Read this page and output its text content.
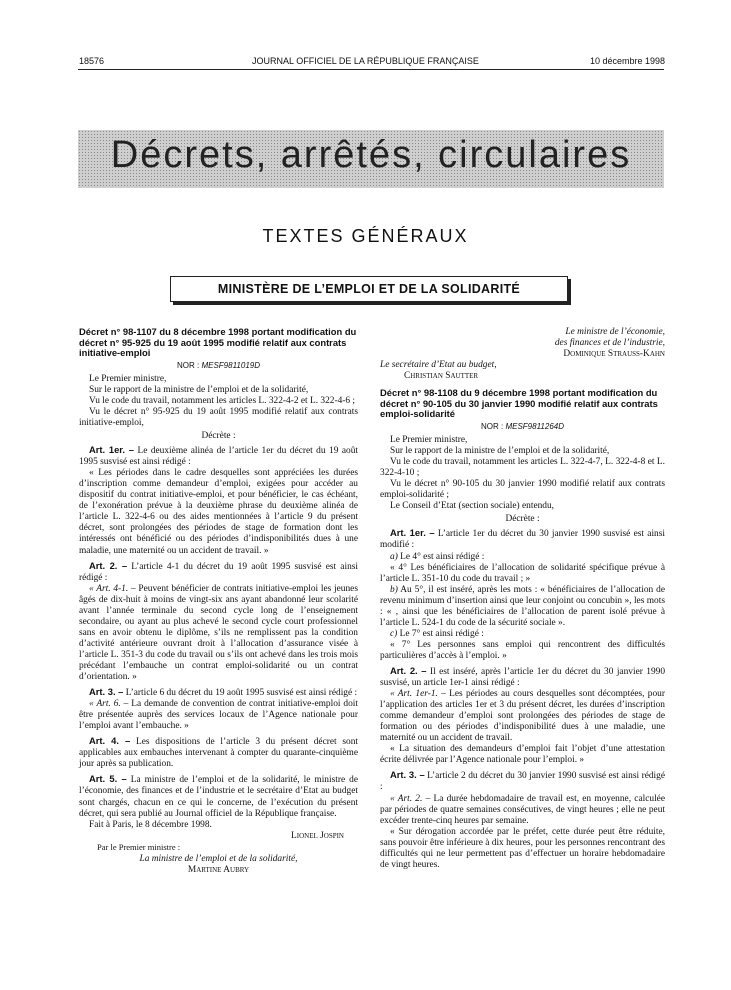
18576	JOURNAL OFFICIEL DE LA RÉPUBLIQUE FRANÇAISE	10 décembre 1998
Décrets, arrêtés, circulaires
TEXTES GÉNÉRAUX
MINISTÈRE DE L’EMPLOI ET DE LA SOLIDARITÉ
Décret n° 98-1107 du 8 décembre 1998 portant modification du décret n° 95-925 du 19 août 1995 modifié relatif aux contrats initiative-emploi
NOR : MESF9811019D

Le Premier ministre,

Sur le rapport de la ministre de l’emploi et de la solidarité,

Vu le code du travail, notamment les articles L. 322-4-2 et L. 322-4-6 ;

Vu le décret n° 95-925 du 19 août 1995 modifié relatif aux contrats initiative-emploi,

Décrète :

Art. 1er. – Le deuxième alinéa de l’article 1er du décret du 19 août 1995 susvisé est ainsi rédigé :

« Les périodes dans le cadre desquelles sont appréciées les durées d’inscription comme demandeur d’emploi, exigées pour accéder au dispositif du contrat initiative-emploi, et pour bénéficier, le cas échéant, de l’exonération prévue à la deuxième phrase du deuxième alinéa de l’article L. 322-4-6 ou des aides mentionnées à l’article 9 du présent décret, sont prolongées des périodes de stage de formation dont les intéressés ont bénéficié ou des périodes d’indisponibilités dues à une maladie, une maternité ou un accident de travail. »

Art. 2. – L’article 4-1 du décret du 19 août 1995 susvisé est ainsi rédigé :

« Art. 4-1. – Peuvent bénéficier de contrats initiative-emploi les jeunes âgés de dix-huit à moins de vingt-six ans ayant abandonné leur scolarité avant l’année terminale du second cycle long de l’enseignement secondaire, ou ayant au plus achevé le second cycle court professionnel sans en avoir obtenu le diplôme, s’ils ne remplissent pas la condition d’activité antérieure ouvrant droit à l’allocation d’assurance visée à l’article L. 351-3 du code du travail ou s’ils ont achevé dans les trois mois précédant l’embauche un contrat emploi-solidarité ou un contrat d’orientation. »

Art. 3. – L’article 6 du décret du 19 août 1995 susvisé est ainsi rédigé :

« Art. 6. – La demande de convention de contrat initiative-emploi doit être présentée auprès des services locaux de l’Agence nationale pour l’emploi avant l’embauche. »

Art. 4. – Les dispositions de l’article 3 du présent décret sont applicables aux embauches intervenant à compter du quarante-cinquième jour après sa publication.

Art. 5. – La ministre de l’emploi et de la solidarité, le ministre de l’économie, des finances et de l’industrie et le secrétaire d’Etat au budget sont chargés, chacun en ce qui le concerne, de l’exécution du présent décret, qui sera publié au Journal officiel de la République française.

Fait à Paris, le 8 décembre 1998.

Lionel Jospin

Par le Premier ministre :

La ministre de l’emploi et de la solidarité,

Martine Aubry

Le ministre de l’économie,

des finances et de l’industrie,

Dominique Strauss-Kahn

Le secrétaire d’Etat au budget,

Christian Sautter

Décret n° 98-1108 du 9 décembre 1998 portant modification du décret n° 90-105 du 30 janvier 1990 modifié relatif aux contrats emploi-solidarité
NOR : MESF9811264D

Le Premier ministre,

Sur le rapport de la ministre de l’emploi et de la solidarité,

Vu le code du travail, notamment les articles L. 322-4-7, L. 322-4-8 et L. 322-4-10 ;

Vu le décret n° 90-105 du 30 janvier 1990 modifié relatif aux contrats emploi-solidarité ;

Le Conseil d’Etat (section sociale) entendu,

Décrète :

Art. 1er. – L’article 1er du décret du 30 janvier 1990 susvisé est ainsi modifié :

a) Le 4° est ainsi rédigé :

« 4° Les bénéficiaires de l’allocation de solidarité spécifique prévue à l’article L. 351-10 du code du travail ; »

b) Au 5°, il est inséré, après les mots : « bénéficiaires de l’allocation de revenu minimum d’insertion ainsi que leur conjoint ou concubin », les mots : « , ainsi que les bénéficiaires de l’allocation de parent isolé prévue à l’article L. 524-1 du code de la sécurité sociale ».

c) Le 7° est ainsi rédigé :

« 7° Les personnes sans emploi qui rencontrent des difficultés particulières d’accès à l’emploi. »

Art. 2. – Il est inséré, après l’article 1er du décret du 30 janvier 1990 susvisé, un article 1er-1 ainsi rédigé :

« Art. 1er-1. – Les périodes au cours desquelles sont décomptées, pour l’application des articles 1er et 3 du présent décret, les durées d’inscription comme demandeur d’emploi sont prolongées des périodes de stage de formation ou des périodes d’indisponibilité dues à une maladie, une maternité ou un accident de travail.

« La situation des demandeurs d’emploi fait l’objet d’une attestation écrite délivrée par l’Agence nationale pour l’emploi. »

Art. 3. – L’article 2 du décret du 30 janvier 1990 susvisé est ainsi rédigé :

« Art. 2. – La durée hebdomadaire de travail est, en moyenne, calculée par périodes de quatre semaines consécutives, de vingt heures ; elle ne peut excéder trente-cinq heures par semaine.

« Sur dérogation accordée par le préfet, cette durée peut être réduite, sans pouvoir être inférieure à dix heures, pour les personnes rencontrant des difficultés qui ne leur permettent pas d’effectuer un horaire hebdomadaire de vingt heures.
